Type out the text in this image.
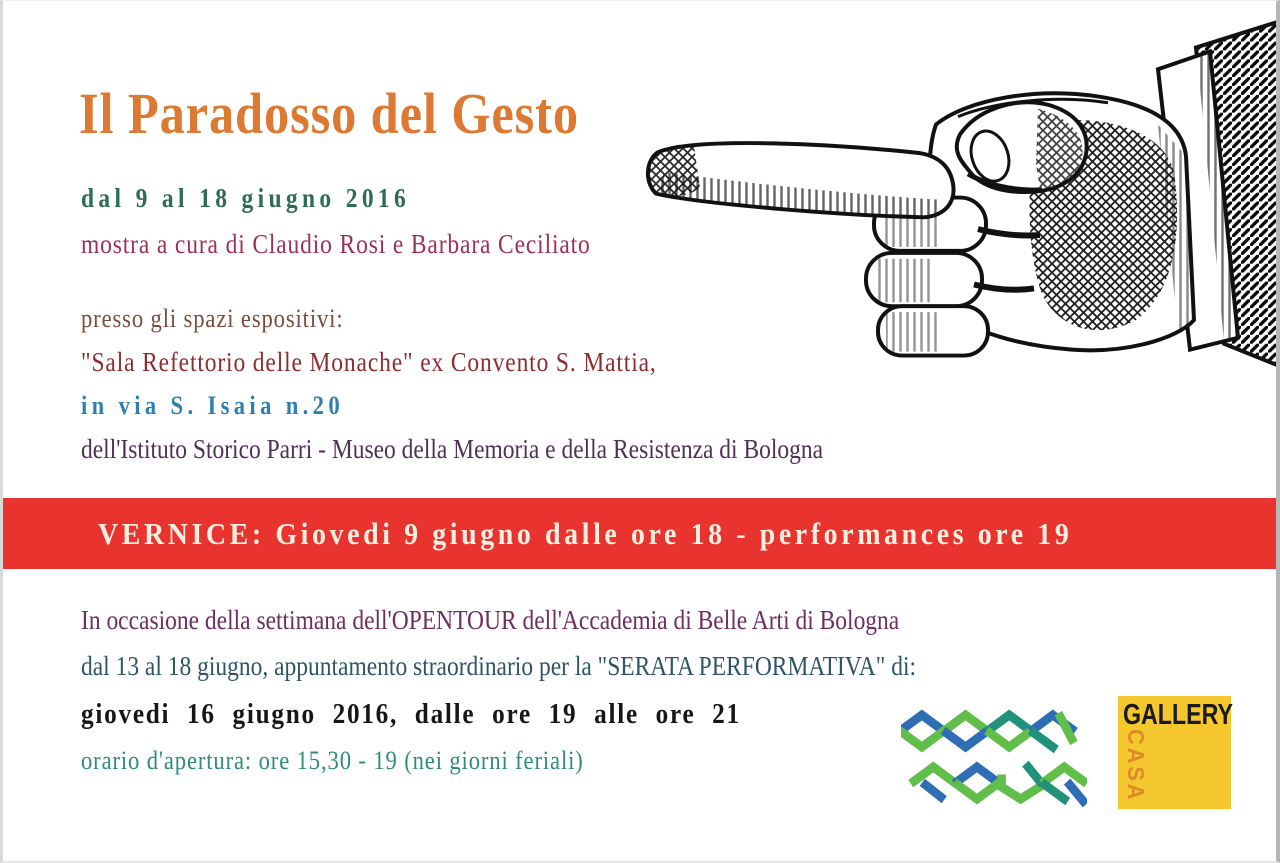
Il Paradosso del Gesto
dal 9 al 18 giugno 2016
mostra a cura di Claudio Rosi e Barbara Ceciliato
presso gli spazi espositivi:
"Sala Refettorio delle Monache" ex Convento S. Mattia,
in via S. Isaia n.20
dell'Istituto Storico Parri - Museo della Memoria e della Resistenza di Bologna
VERNICE: Giovedi 9 giugno dalle ore 18 - performances ore 19
In occasione della settimana dell'OPENTOUR dell'Accademia di Belle Arti di Bologna
dal 13 al 18 giugno, appuntamento straordinario per la "SERATA PERFORMATIVA" di:
giovedi 16 giugno 2016, dalle ore 19 alle ore 21
orario d'apertura: ore 15,30 - 19 (nei giorni feriali)
GALLERY
CASA
